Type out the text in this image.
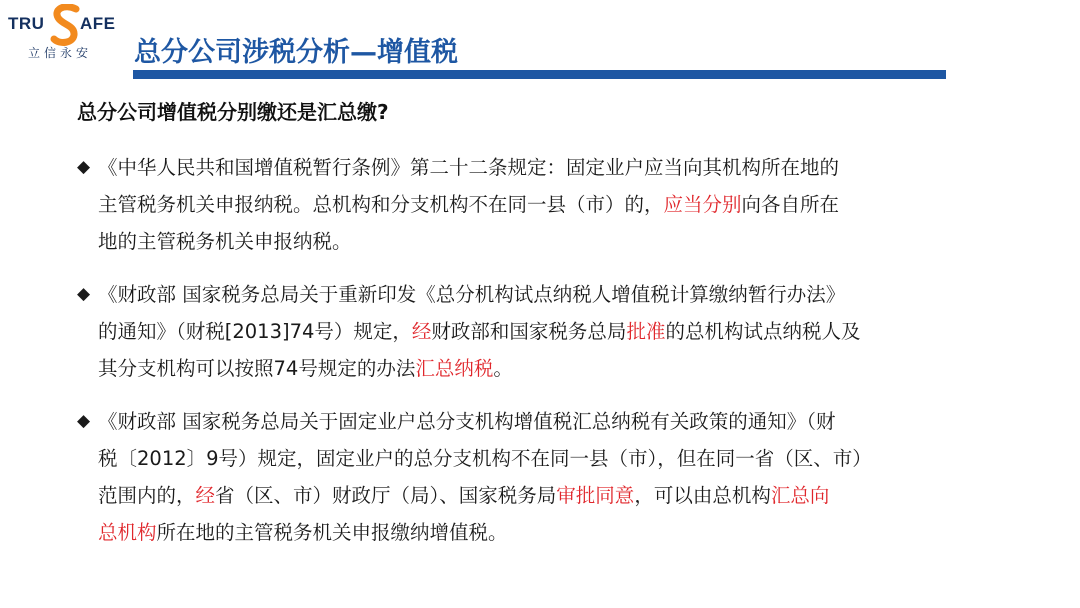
TRU AFE
立信永安 总分公司涉税分析—增值税
总分公司增值税分别缴还是汇总缴?
◆ 《中华人民共和国增值税暂行条例》第二十二条规定：固定业户应当向其机构所在地的
主管税务机关申报纳税。总机构和分支机构不在同一县（市）的，应当分别向各自所在
地的主管税务机关申报纳税。
◆ 《财政部 国家税务总局关于重新印发《总分机构试点纳税人增值税计算缴纳暂行办法》
的通知》（财税[2013]74号）规定，经财政部和国家税务总局批准的总机构试点纳税人及
其分支机构可以按照74号规定的办法汇总纳税。
◆ 《财政部 国家税务总局关于固定业户总分支机构增值税汇总纳税有关政策的通知》（财
税〔2012〕9号）规定，固定业户的总分支机构不在同一县（市），但在同一省（区、市）
范围内的，经省（区、市）财政厅（局）、国家税务局审批同意，可以由总机构汇总向
总机构所在地的主管税务机关申报缴纳增值税。
